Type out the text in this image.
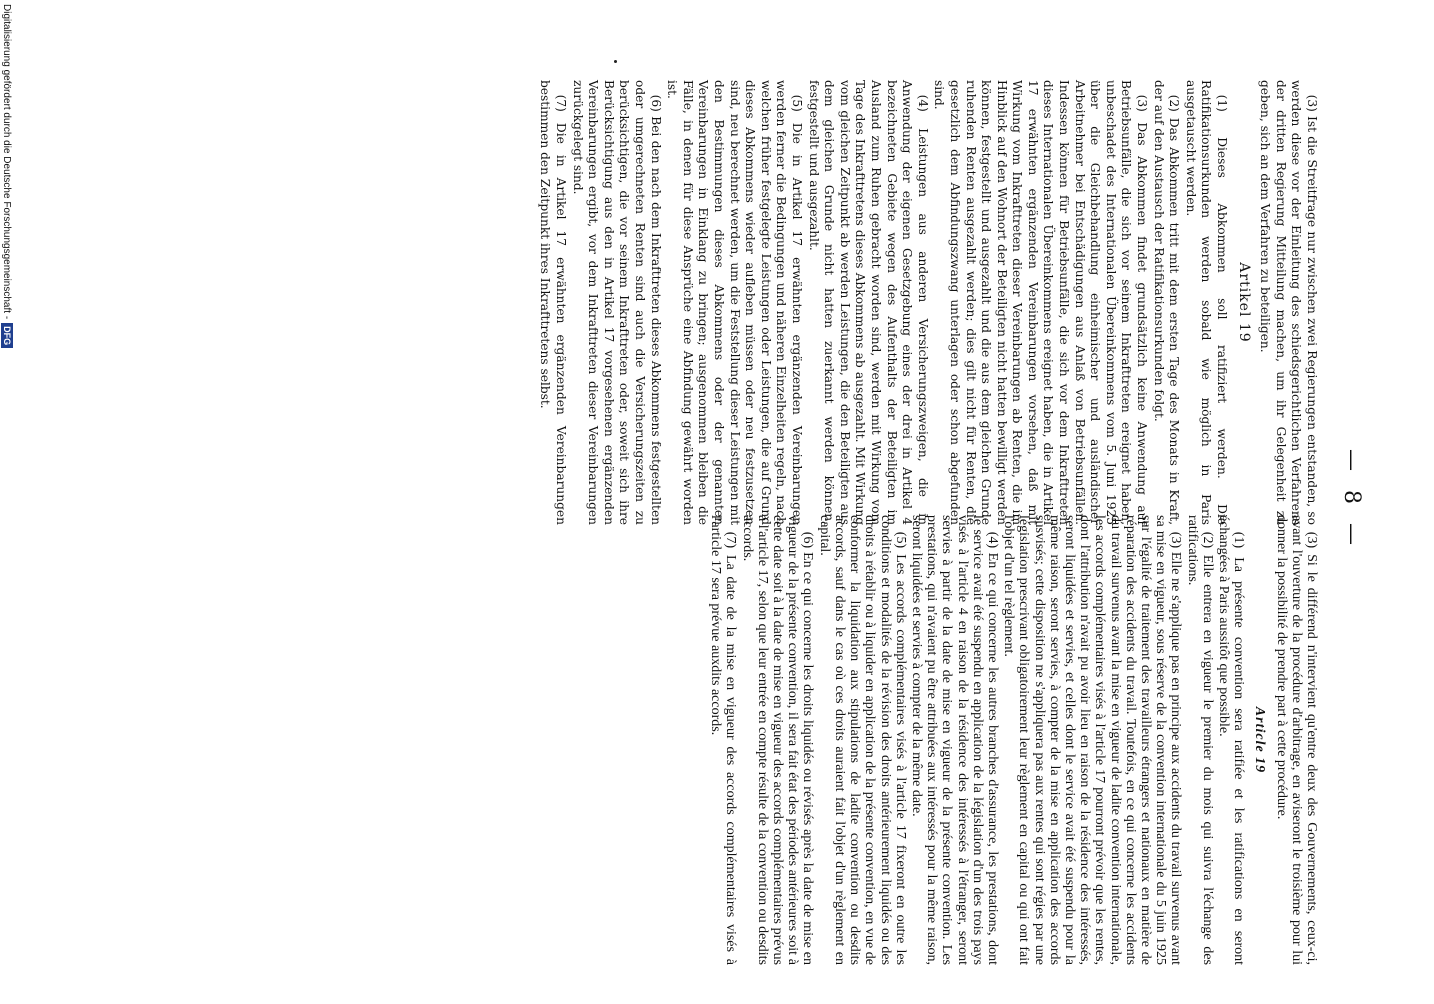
— 8 —

(3) Ist die Streitfrage nur zwischen zwei Regierungen entstanden, so werden diese vor der Einleitung des schiedsgerichtlichen Verfahrens der dritten Regierung Mitteilung machen, um ihr Gelegenheit zu geben, sich an dem Verfahren zu beteiligen.

Artikel 19

(1) Dieses Abkommen soll ratifiziert werden. Die Ratifikationsurkunden werden sobald wie möglich in Paris ausgetauscht werden.

(2) Das Abkommen tritt mit dem ersten Tage des Monats in Kraft, der auf den Austausch der Ratifikationsurkunden folgt.

(3) Das Abkommen findet grundsätzlich keine Anwendung auf Betriebsunfälle, die sich vor seinem Inkrafttreten ereignet haben, unbeschadet des Internationalen Übereinkommens vom 5. Juni 1925 über die Gleichbehandlung einheimischer und ausländischer Arbeitnehmer bei Entschädigungen aus Anlaß von Betriebsunfällen. Indessen können für Betriebsunfälle, die sich vor dem Inkrafttreten dieses Internationalen Übereinkommens ereignet haben, die in Artikel 17 erwähnten ergänzenden Vereinbarungen vorsehen, daß mit Wirkung vom Inkrafttreten dieser Vereinbarungen ab Renten, die im Hinblick auf den Wohnort der Beteiligten nicht hatten bewilligt werden können, festgestellt und ausgezahlt und die aus dem gleichen Grunde ruhenden Renten ausgezahlt werden; dies gilt nicht für Renten, die gesetzlich dem Abfindungszwang unterlagen oder schon abgefunden sind.

(4) Leistungen aus anderen Versicherungszweigen, die in Anwendung der eigenen Gesetzgebung eines der drei in Artikel 4 bezeichneten Gebiete wegen des Aufenthalts der Beteiligten im Ausland zum Ruhen gebracht worden sind, werden mit Wirkung vom Tage des Inkrafttretens dieses Abkommens ab ausgezahlt. Mit Wirkung vom gleichen Zeitpunkt ab werden Leistungen, die den Beteiligten aus dem gleichen Grunde nicht hatten zuerkannt werden können, festgestellt und ausgezahlt.

(5) Die in Artikel 17 erwähnten ergänzenden Vereinbarungen werden ferner die Bedingungen und näheren Einzelheiten regeln, nach welchen früher festgelegte Leistungen oder Leistungen, die auf Grund dieses Abkommens wieder aufleben müssen oder neu festzusetzen sind, neu berechnet werden, um die Feststellung dieser Leistungen mit den Bestimmungen dieses Abkommens oder der genannten Vereinbarungen in Einklang zu bringen; ausgenommen bleiben die Fälle, in denen für diese Ansprüche eine Abfindung gewährt worden ist.

(6) Bei den nach dem Inkrafttreten dieses Abkommens festgestellten oder umgerechneten Renten sind auch die Versicherungszeiten zu berücksichtigen, die vor seinem Inkrafttreten oder, soweit sich ihre Berücksichtigung aus den in Artikel 17 vorgesehenen ergänzenden Vereinbarungen ergibt, vor dem Inkrafttreten dieser Vereinbarungen zurückgelegt sind.

(7) Die in Artikel 17 erwähnten ergänzenden Vereinbarungen bestimmen den Zeitpunkt ihres Inkrafttretens selbst.

(3) Si le différend n'intervient qu'entre deux des Gouvernements, ceux-ci, avant l'ouverture de la procédure d'arbitrage, en aviseront le troisième pour lui donner la possibilité de prendre part à cette procédure.

Article 19

(1) La présente convention sera ratifiée et les ratifications en seront échangées à Paris aussitôt que possible.

(2) Elle entrera en vigueur le premier du mois qui suivra l'échange des ratifications.

(3) Elle ne s'applique pas en principe aux accidents du travail survenus avant sa mise en vigueur, sous réserve de la convention internationale du 5 juin 1925 sur l'égalité de traitement des travailleurs étrangers et nationaux en matière de réparation des accidents du travail. Toutefois, en ce qui concerne les accidents du travail survenus avant la mise en vigueur de ladite convention internationale, les accords complémentaires visés à l'article 17 pourront prévoir que les rentes, dont l'attribution n'avait pu avoir lieu en raison de la résidence des intéressés, seront liquidées et servies, et celles dont le service avait été suspendu pour la même raison, seront servies, à compter de la mise en application des accords susvisés; cette disposition ne s'appliquera pas aux rentes qui sont régies par une législation prescrivant obligatoirement leur règlement en capital ou qui ont fait l'objet d'un tel règlement.

(4) En ce qui concerne les autres branches d'assurance, les prestations, dont le service avait été suspendu en application de la législation d'un des trois pays visés à l'article 4 en raison de la résidence des intéressés à l'étranger, seront servies à partir de la date de mise en vigueur de la présente convention. Les prestations, qui n'avaient pu être attribuées aux intéressés pour la même raison, seront liquidées et servies à compter de la même date.

(5) Les accords complémentaires visés à l'article 17 fixeront en outre les conditions et modalités de la révision des droits antérieurement liquidés ou des droits à rétablir ou à liquider en application de la présente convention, en vue de conformer la liquidation aux stipulations de ladite convention ou desdits accords, sauf dans le cas où ces droits auraient fait l'objet d'un règlement en capital.

(6) En ce qui concerne les droits liquidés ou révisés après la date de mise en vigueur de la présente convention, il sera fait état des périodes antérieures soit à cette date soit à la date de mise en vigueur des accords complémentaires prévus à l'article 17, selon que leur entrée en compte résulte de la convention ou desdits accords.

(7) La date de la mise en vigueur des accords complémentaires visés à l'article 17 sera prévue auxdits accords.

Digitalisierung gefördert durch die Deutsche Forschungsgemeinschaft -
DFG
